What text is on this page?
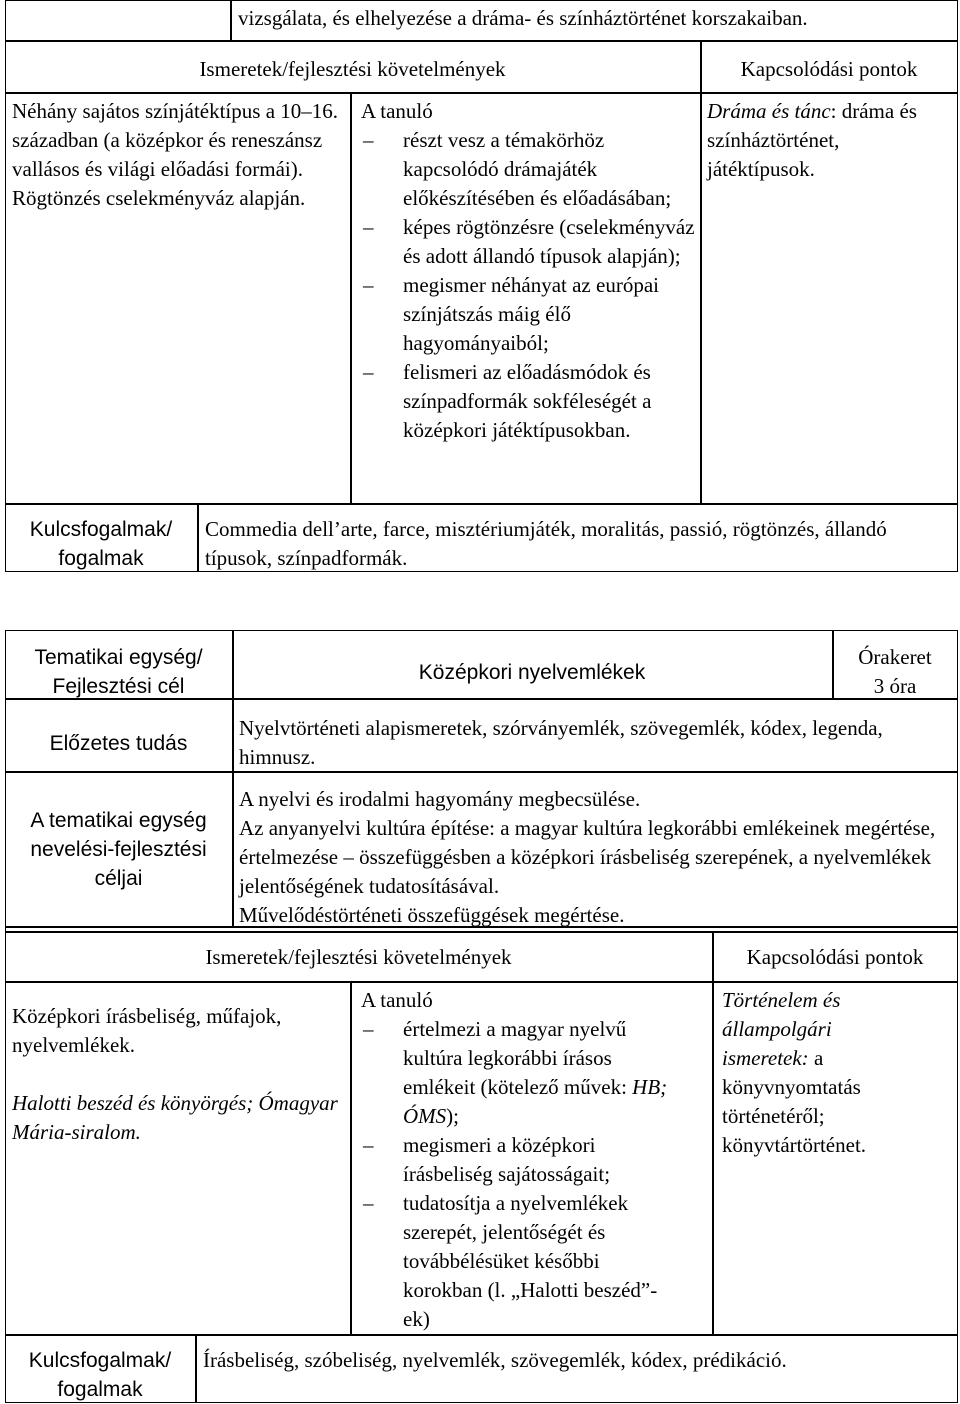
vizsgálata, és elhelyezése a dráma- és színháztörténet korszakaiban.
Ismeretek/fejlesztési követelmények	Kapcsolódási pontok
Néhány sajátos színjátéktípus a 10–16. században (a középkor és reneszánsz vallásos és világi előadási formái). Rögtönzés cselekményváz alapján.
A tanuló
– részt vesz a témakörhöz kapcsolódó drámajáték előkészítésében és előadásában;
– képes rögtönzésre (cselekményváz és adott állandó típusok alapján);
– megismer néhányat az európai színjátszás máig élő hagyományaiból;
– felismeri az előadásmódok és színpadformák sokféleségét a középkori játéktípusokban.
Dráma és tánc: dráma és színháztörténet, játéktípusok.
Kulcsfogalmak/
fogalmak
Commedia dell’arte, farce, misztériumjáték, moralitás, passió, rögtönzés, állandó típusok, színpadformák.
Tematikai egység/
Fejlesztési cél
Középkori nyelvemlékek
Órakeret
3 óra
Előzetes tudás
Nyelvtörténeti alapismeretek, szórványemlék, szövegemlék, kódex, legenda, himnusz.
A tematikai egység
nevelési-fejlesztési
céljai
A nyelvi és irodalmi hagyomány megbecsülése.
Az anyanyelvi kultúra építése: a magyar kultúra legkorábbi emlékeinek megértése, értelmezése – összefüggésben a középkori írásbeliség szerepének, a nyelvemlékek jelentőségének tudatosításával.
Művelődéstörténeti összefüggések megértése.
Ismeretek/fejlesztési követelmények	Kapcsolódási pontok
Középkori írásbeliség, műfajok, nyelvemlékek.
Halotti beszéd és könyörgés; Ómagyar Mária-siralom.
A tanuló
– értelmezi a magyar nyelvű kultúra legkorábbi írásos emlékeit (kötelező művek: HB; ÓMS);
– megismeri a középkori írásbeliség sajátosságait;
– tudatosítja a nyelvemlékek szerepét, jelentőségét és továbbélésüket későbbi korokban (l. „Halotti beszéd”-ek)
Történelem és állampolgári ismeretek: a könyvnyomtatás történetéről; könyvtártörténet.
Kulcsfogalmak/
fogalmak
Írásbeliség, szóbeliség, nyelvemlék, szövegemlék, kódex, prédikáció.
